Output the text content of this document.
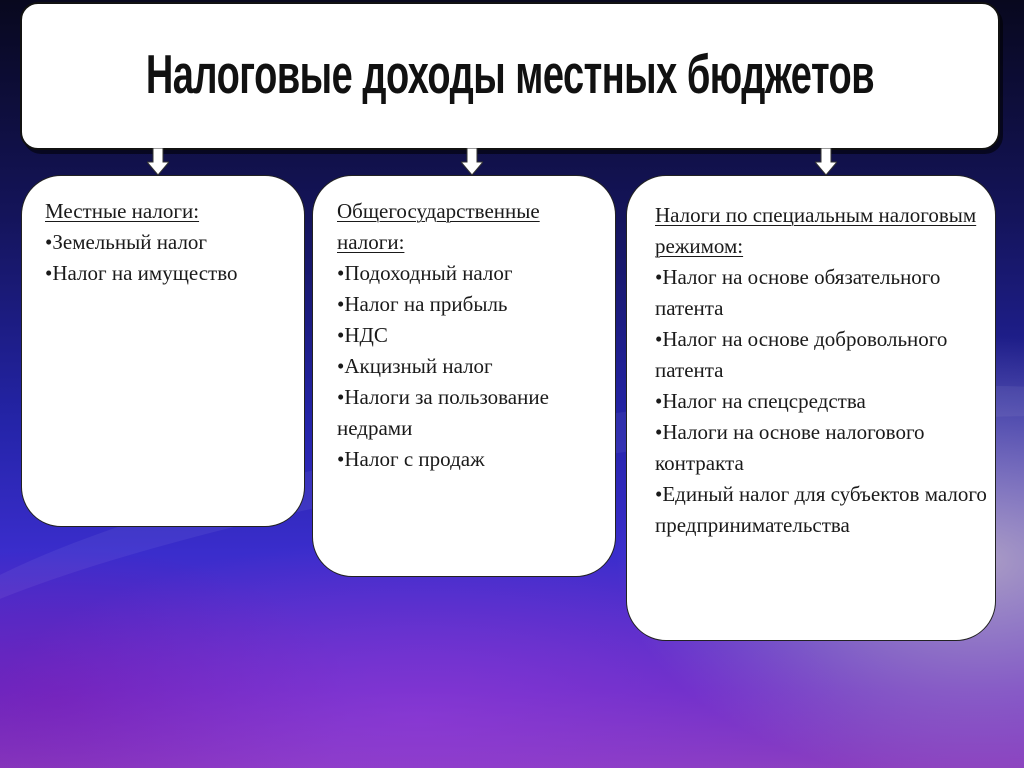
Налоговые доходы местных бюджетов
Местные налоги:
•Земельный налог
•Налог на имущество
Общегосударственные налоги:
•Подоходный налог
•Налог на прибыль
•НДС
•Акцизный налог
•Налоги за пользование недрами
•Налог с продаж
Налоги по специальным налоговым режимом:
•Налог на основе обязательного патента
•Налог на основе добровольного патента
•Налог на спецсредства
•Налоги на основе налогового контракта
•Единый налог для субъектов малого предпринимательства
